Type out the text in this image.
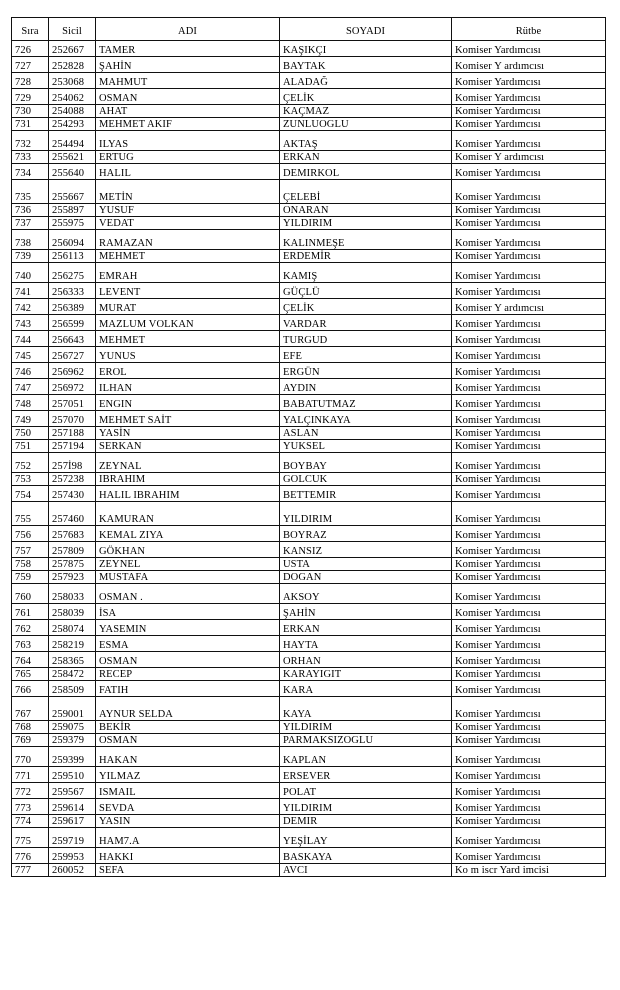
Sıra	Sicil	ADI	SOYADI	Rütbe
726	252667	TAMER	KAŞIKÇI	Komiser Yardımcısı
727	252828	ŞAHİN	BAYTAK	Komiser Y ardımcısı
728	253068	MAHMUT	ALADAĞ	Komiser Yardımcısı
729	254062	OSMAN	ÇELİK	Komiser Yardımcısı
730	254088	AHAT	KAÇMAZ	Komiser Yardımcısı
731	254293	MEHMET AKIF	ZUNLUOGLU	Komiser Yardımcısı
732	254494	ILYAS	AKTAŞ	Komiser Yardımcısı
733	255621	ERTUG	ERKAN	Komiser Y ardımcısı
734	255640	HALIL	DEMIRKOL	Komiser Yardımcısı
735	255667	METİN	ÇELEBİ	Komiser Yardımcısı
736	255897	YUSUF	ONARAN	Komiser Yardımcısı
737	255975	VEDAT	YILDIRIM	Komiser Yardımcısı
738	256094	RAMAZAN	KALINMEŞE	Komiser Yardımcısı
739	256113	MEHMET	ERDEMİR	Komiser Yardımcısı
740	256275	EMRAH	KAMIŞ	Komiser Yardımcısı
741	256333	LEVENT	GÜÇLÜ	Komiser Yardımcısı
742	256389	MURAT	ÇELİK	Komiser Y ardımcısı
743	256599	MAZLUM VOLKAN	VARDAR	Komiser Yardımcısı
744	256643	MEHMET	TURGUD	Komiser Yardımcısı
745	256727	YUNUS	EFE	Komiser Yardımcısı
746	256962	EROL	ERGÜN	Komiser Yardımcısı
747	256972	ILHAN	AYDIN	Komiser Yardımcısı
748	257051	ENGIN	BABATUTMAZ	Komiser Yardımcısı
749	257070	MEHMET SAİT	YALÇINKAYA	Komiser Yardımcısı
750	257188	YASİN	ASLAN	Komiser Yardımcısı
751	257194	SERKAN	YUKSEL	Komiser Yardımcısı
752	257İ98	ZEYNAL	BOYBAY	Komiser Yardımcısı
753	257238	IBRAHIM	GOLCUK	Komiser Yardımcısı
754	257430	HALIL IBRAHIM	BETTEMIR	Komiser Yardımcısı
755	257460	KAMURAN	YILDIRIM	Komiser Yardımcısı
756	257683	KEMAL ZIYA	BOYRAZ	Komiser Yardımcısı
757	257809	GÖKHAN	KANSIZ	Komiser Yardımcısı
758	257875	ZEYNEL	USTA	Komiser Yardımcısı
759	257923	MUSTAFA	DOGAN	Komiser Yardımcısı
760	258033	OSMAN .	AKSOY	Komiser Yardımcısı
761	258039	İSA	ŞAHİN	Komiser Yardımcısı
762	258074	YASEMIN	ERKAN	Komiser Yardımcısı
763	258219	ESMA	HAYTA	Komiser Yardımcısı
764	258365	OSMAN	ORHAN	Komiser Yardımcısı
765	258472	RECEP	KARAYIGIT	Komiser Yardımcısı
766	258509	FATIH	KARA	Komiser Yardımcısı
767	259001	AYNUR SELDA	KAYA	Komiser Yardımcısı
768	259075	BEKİR	YILDIRIM	Komiser Yardımcısı
769	259379	OSMAN	PARMAKSIZOGLU	Komiser Yardımcısı
770	259399	HAKAN	KAPLAN	Komiser Yardımcısı
771	259510	YILMAZ	ERSEVER	Komiser Yardımcısı
772	259567	ISMAIL	POLAT	Komiser Yardımcısı
773	259614	SEVDA	YILDIRIM	Komiser Yardımcısı
774	259617	YASIN	DEMIR	Komiser Yardımcısı
775	259719	HAM7.A	YEŞİLAY	Komiser Yardımcısı
776	259953	HAKKI	BASKAYA	Komiser Yardımcısı
777	260052	SEFA	AVCI	Ko m iscr Yard imcisi
